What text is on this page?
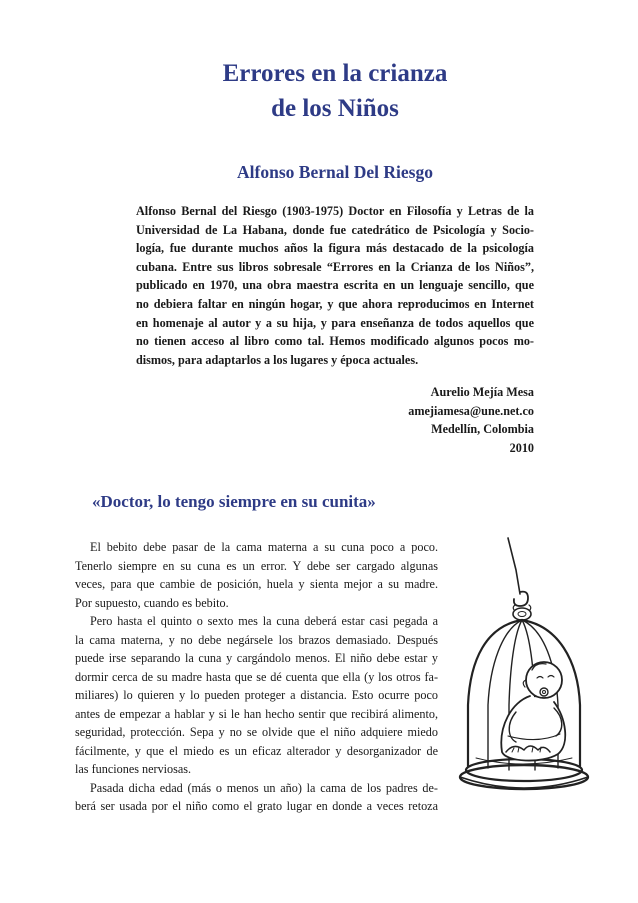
Errores en la crianza
de los Niños
Alfonso Bernal Del Riesgo
Alfonso Bernal del Riesgo (1903-1975) Doctor en Filosofía y Letras de la
Universidad de La Habana, donde fue catedrático de Psicología y Socio-
logía, fue durante muchos años la figura más destacado de la psicología
cubana. Entre sus libros sobresale “Errores en la Crianza de los Niños”,
publicado en 1970, una obra maestra escrita en un lenguaje sencillo, que
no debiera faltar en ningún hogar, y que ahora reproducimos en Internet
en homenaje al autor y a su hija, y para enseñanza de todos aquellos que
no tienen acceso al libro como tal. Hemos modificado algunos pocos mo-
dismos, para adaptarlos a los lugares y época actuales.
Aurelio Mejía Mesa
amejiamesa@une.net.co
Medellín, Colombia
2010
«Doctor, lo tengo siempre en su cunita»

El bebito debe pasar de la cama materna a su cuna poco a poco.
Tenerlo siempre en su cuna es un error. Y debe ser cargado algunas
veces, para que cambie de posición, huela y sienta mejor a su madre.
Por supuesto, cuando es bebito.

Pero hasta el quinto o sexto mes la cuna deberá estar casi pegada a
la cama materna, y no debe negársele los brazos demasiado. Después
puede irse separando la cuna y cargándolo menos. El niño debe estar y
dormir cerca de su madre hasta que se dé cuenta que ella (y los otros fa-
miliares) lo quieren y lo pueden proteger a distancia. Esto ocurre poco
antes de empezar a hablar y si le han hecho sentir que recibirá alimento,
seguridad, protección. Sepa y no se olvide que el niño adquiere miedo
fácilmente, y que el miedo es un eficaz alterador y desorganizador de
las funciones nerviosas.

Pasada dicha edad (más o menos un año) la cama de los padres de-
berá ser usada por el niño como el grato lugar en donde a veces retoza
